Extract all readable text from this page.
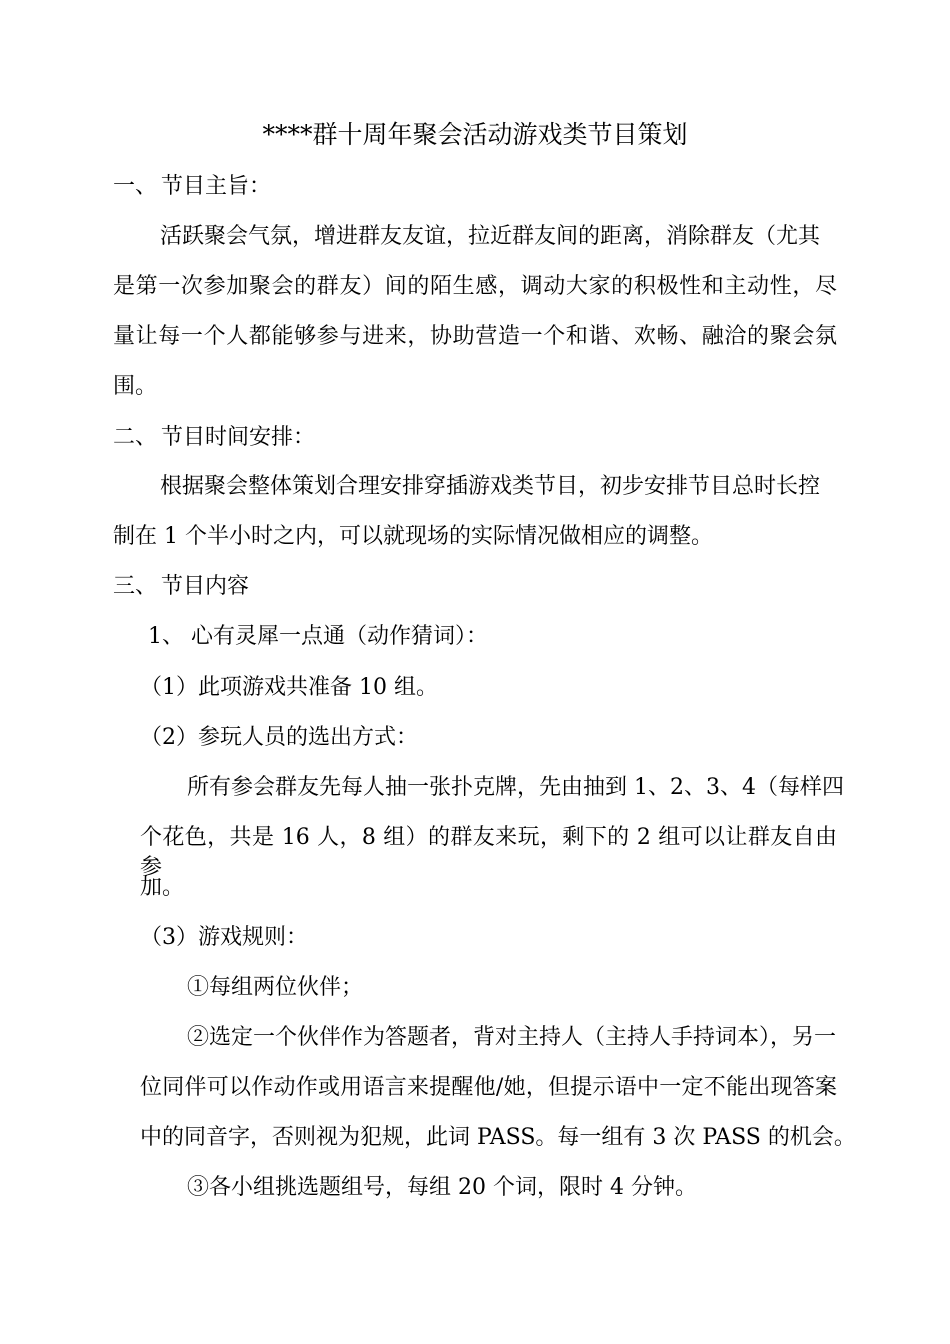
****群十周年聚会活动游戏类节目策划
一、 节目主旨：
活跃聚会气氛，增进群友友谊，拉近群友间的距离，消除群友（尤其
是第一次参加聚会的群友）间的陌生感，调动大家的积极性和主动性，尽
量让每一个人都能够参与进来，协助营造一个和谐、欢畅、融洽的聚会氛
围。
二、 节目时间安排：
根据聚会整体策划合理安排穿插游戏类节目，初步安排节目总时长控
制在 1 个半小时之内，可以就现场的实际情况做相应的调整。
三、 节目内容
1、 心有灵犀一点通（动作猜词）：
（1）此项游戏共准备 10 组。
（2）参玩人员的选出方式：
所有参会群友先每人抽一张扑克牌，先由抽到 1、2、3、4（每样四
个花色，共是 16 人，8 组）的群友来玩，剩下的 2 组可以让群友自由参
加。
（3）游戏规则：
①每组两位伙伴；
②选定一个伙伴作为答题者，背对主持人（主持人手持词本），另一
位同伴可以作动作或用语言来提醒他/她，但提示语中一定不能出现答案
中的同音字，否则视为犯规，此词 PASS。每一组有 3 次 PASS 的机会。
③各小组挑选题组号，每组 20 个词，限时 4 分钟。
